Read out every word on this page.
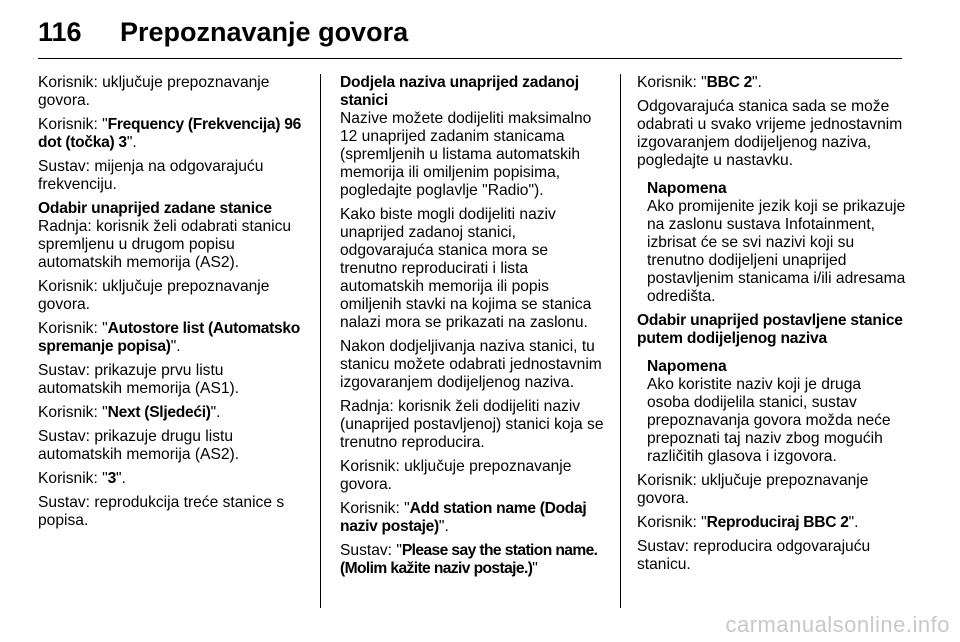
116 Prepoznavanje govora

Korisnik: uključuje prepoznavanje govora.

Korisnik: "Frequency (Frekvencija) 96 dot (točka) 3".

Sustav: mijenja na odgovarajuću frekvenciju.

Odabir unaprijed zadane stanice

Radnja: korisnik želi odabrati stanicu spremljenu u drugom popisu automatskih memorija (AS2).

Korisnik: uključuje prepoznavanje govora.

Korisnik: "Autostore list (Automatsko spremanje popisa)".

Sustav: prikazuje prvu listu automatskih memorija (AS1).

Korisnik: "Next (Sljedeći)".

Sustav: prikazuje drugu listu automatskih memorija (AS2).

Korisnik: "3".

Sustav: reprodukcija treće stanice s popisa.

Dodjela naziva unaprijed zadanoj stanici

Nazive možete dodijeliti maksimalno 12 unaprijed zadanim stanicama (spremljenih u listama automatskih memorija ili omiljenim popisima, pogledajte poglavlje "Radio").

Kako biste mogli dodijeliti naziv unaprijed zadanoj stanici, odgovarajuća stanica mora se trenutno reproducirati i lista automatskih memorija ili popis omiljenih stavki na kojima se stanica nalazi mora se prikazati na zaslonu.

Nakon dodjeljivanja naziva stanici, tu stanicu možete odabrati jednostavnim izgovaranjem dodijeljenog naziva.

Radnja: korisnik želi dodijeliti naziv (unaprijed postavljenoj) stanici koja se trenutno reproducira.

Korisnik: uključuje prepoznavanje govora.

Korisnik: "Add station name (Dodaj naziv postaje)".

Sustav: "Please say the station name. (Molim kažite naziv postaje.)"

Korisnik: "BBC 2".

Odgovarajuća stanica sada se može odabrati u svako vrijeme jednostavnim izgovaranjem dodijeljenog naziva, pogledajte u nastavku.

Napomena
Ako promijenite jezik koji se prikazuje na zaslonu sustava Infotainment, izbrisat će se svi nazivi koji su trenutno dodijeljeni unaprijed postavljenim stanicama i/ili adresama odredišta.

Odabir unaprijed postavljene stanice putem dodijeljenog naziva

Napomena
Ako koristite naziv koji je druga osoba dodijelila stanici, sustav prepoznavanja govora možda neće prepoznati taj naziv zbog mogućih različitih glasova i izgovora.

Korisnik: uključuje prepoznavanje govora.

Korisnik: "Reproduciraj BBC 2".

Sustav: reproducira odgovarajuću stanicu.

carmanualsonline.info
